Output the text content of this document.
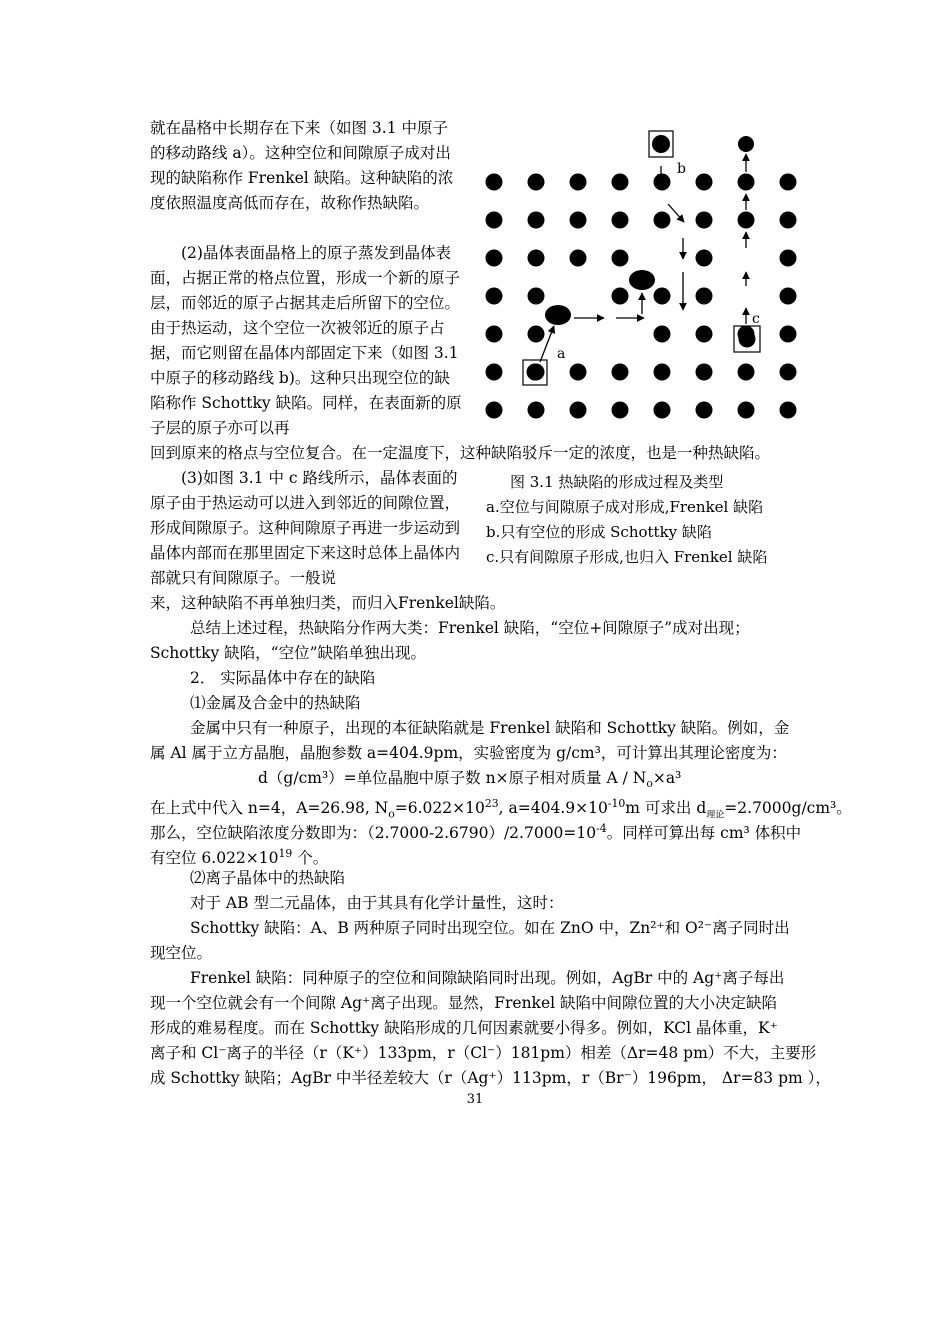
就在晶格中长期存在下来（如图 3.1 中原子的移动路线 a）。这种空位和间隙原子成对出现的缺陷称作 Frenkel 缺陷。这种缺陷的浓度依照温度高低而存在，故称作热缺陷。
(2)晶体表面晶格上的原子蒸发到晶体表面，占据正常的格点位置，形成一个新的原子层，而邻近的原子占据其走后所留下的空位。由于热运动，这个空位一次被邻近的原子占据，而它则留在晶体内部固定下来（如图 3.1 中原子的移动路线 b)。这种只出现空位的缺陷称作 Schottky 缺陷。同样，在表面新的原子层的原子亦可以再
回到原来的格点与空位复合。在一定温度下，这种缺陷驳斥一定的浓度，也是一种热缺陷。
(3)如图 3.1 中 c 路线所示，晶体表面的原子由于热运动可以进入到邻近的间隙位置，形成间隙原子。这种间隙原子再进一步运动到晶体内部而在那里固定下来这时总体上晶体内部就只有间隙原子。一般说
来，这种缺陷不再单独归类，而归入Frenkel缺陷。
a
b
c
图 3.1 热缺陷的形成过程及类型
a.空位与间隙原子成对形成,Frenkel 缺陷
b.只有空位的形成 Schottky 缺陷
c.只有间隙原子形成,也归入 Frenkel 缺陷
总结上述过程，热缺陷分作两大类：Frenkel 缺陷，“空位+间隙原子”成对出现；
Schottky 缺陷，“空位”缺陷单独出现。
2． 实际晶体中存在的缺陷
⑴金属及合金中的热缺陷
金属中只有一种原子，出现的本征缺陷就是 Frenkel 缺陷和 Schottky 缺陷。例如，金
属 Al 属于立方晶胞，晶胞参数 a=404.9pm，实验密度为 g/cm³，可计算出其理论密度为：
d（g/cm³）=单位晶胞中原子数 n×原子相对质量 $A / N_o\times a^3$
在上式中代入 n=4，A=26.98, $N_o=6.022\times 10^{23}$, $a=404.9\times 10^{-10}m$ 可求出 $d_{理论}=2.7000g$/cm³。
那么，空位缺陷浓度分数即为：$(2.7000-2.6790)/2.7000=10^{-4}$。同样可算出每 cm³ 体积中
有空位 $6.022\times 10^{19}$ 个。
⑵离子晶体中的热缺陷
对于 AB 型二元晶体，由于其具有化学计量性，这时：
Schottky 缺陷：A、B 两种原子同时出现空位。如在 ZnO 中，Zn²⁺和 O²⁻离子同时出
现空位。
Frenkel 缺陷：同种原子的空位和间隙缺陷同时出现。例如，AgBr 中的 Ag⁺离子每出
现一个空位就会有一个间隙 Ag⁺离子出现。显然，Frenkel 缺陷中间隙位置的大小决定缺陷
形成的难易程度。而在 Schottky 缺陷形成的几何因素就要小得多。例如，KCl 晶体重，K⁺
离子和 Cl⁻离子的半径（r（K⁺）133pm，r（Cl⁻）181pm）相差（Δr=48 pm）不大，主要形
成 Schottky 缺陷；AgBr 中半径差较大（r（Ag⁺）113pm，r（Br⁻）196pm， Δr=83 pm ），
31
